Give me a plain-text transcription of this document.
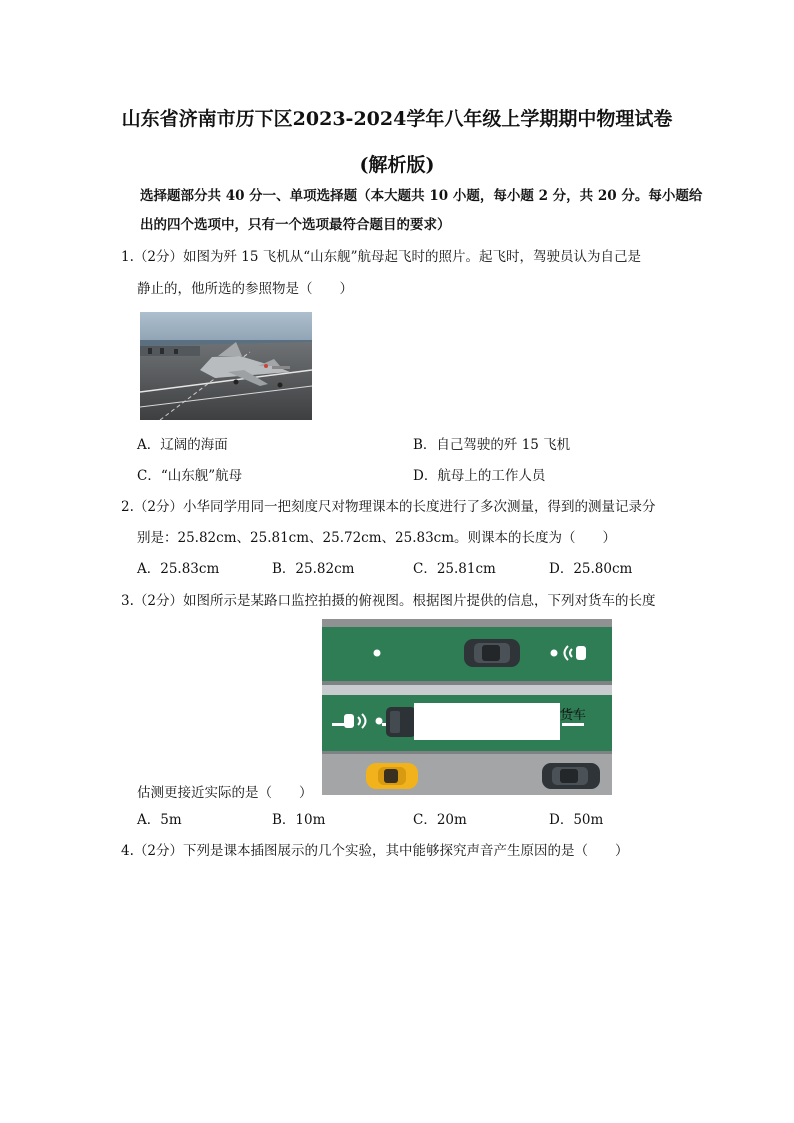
山东省济南市历下区2023-2024学年八年级上学期期中物理试卷
(解析版)
选择题部分共 40 分一、单项选择题（本大题共 10 小题，每小题 2 分，共 20 分。每小题给
出的四个选项中，只有一个选项最符合题目的要求）
1.（2分）如图为歼 15 飞机从“山东舰”航母起飞时的照片。起飞时，驾驶员认为自己是
静止的，他所选的参照物是（　　）
A．辽阔的海面	B．自己驾驶的歼 15 飞机
C．“山东舰”航母	D．航母上的工作人员
2.（2分）小华同学用同一把刻度尺对物理课本的长度进行了多次测量，得到的测量记录分
别是：25.82cm、25.81cm、25.72cm、25.83cm。则课本的长度为（　　）
A．25.83cm	B．25.82cm	C．25.81cm	D．25.80cm
3.（2分）如图所示是某路口监控拍摄的俯视图。根据图片提供的信息，下列对货车的长度
货车
估测更接近实际的是（　　）
A．5m	B．10m	C．20m	D．50m
4.（2分）下列是课本插图展示的几个实验，其中能够探究声音产生原因的是（　　）
